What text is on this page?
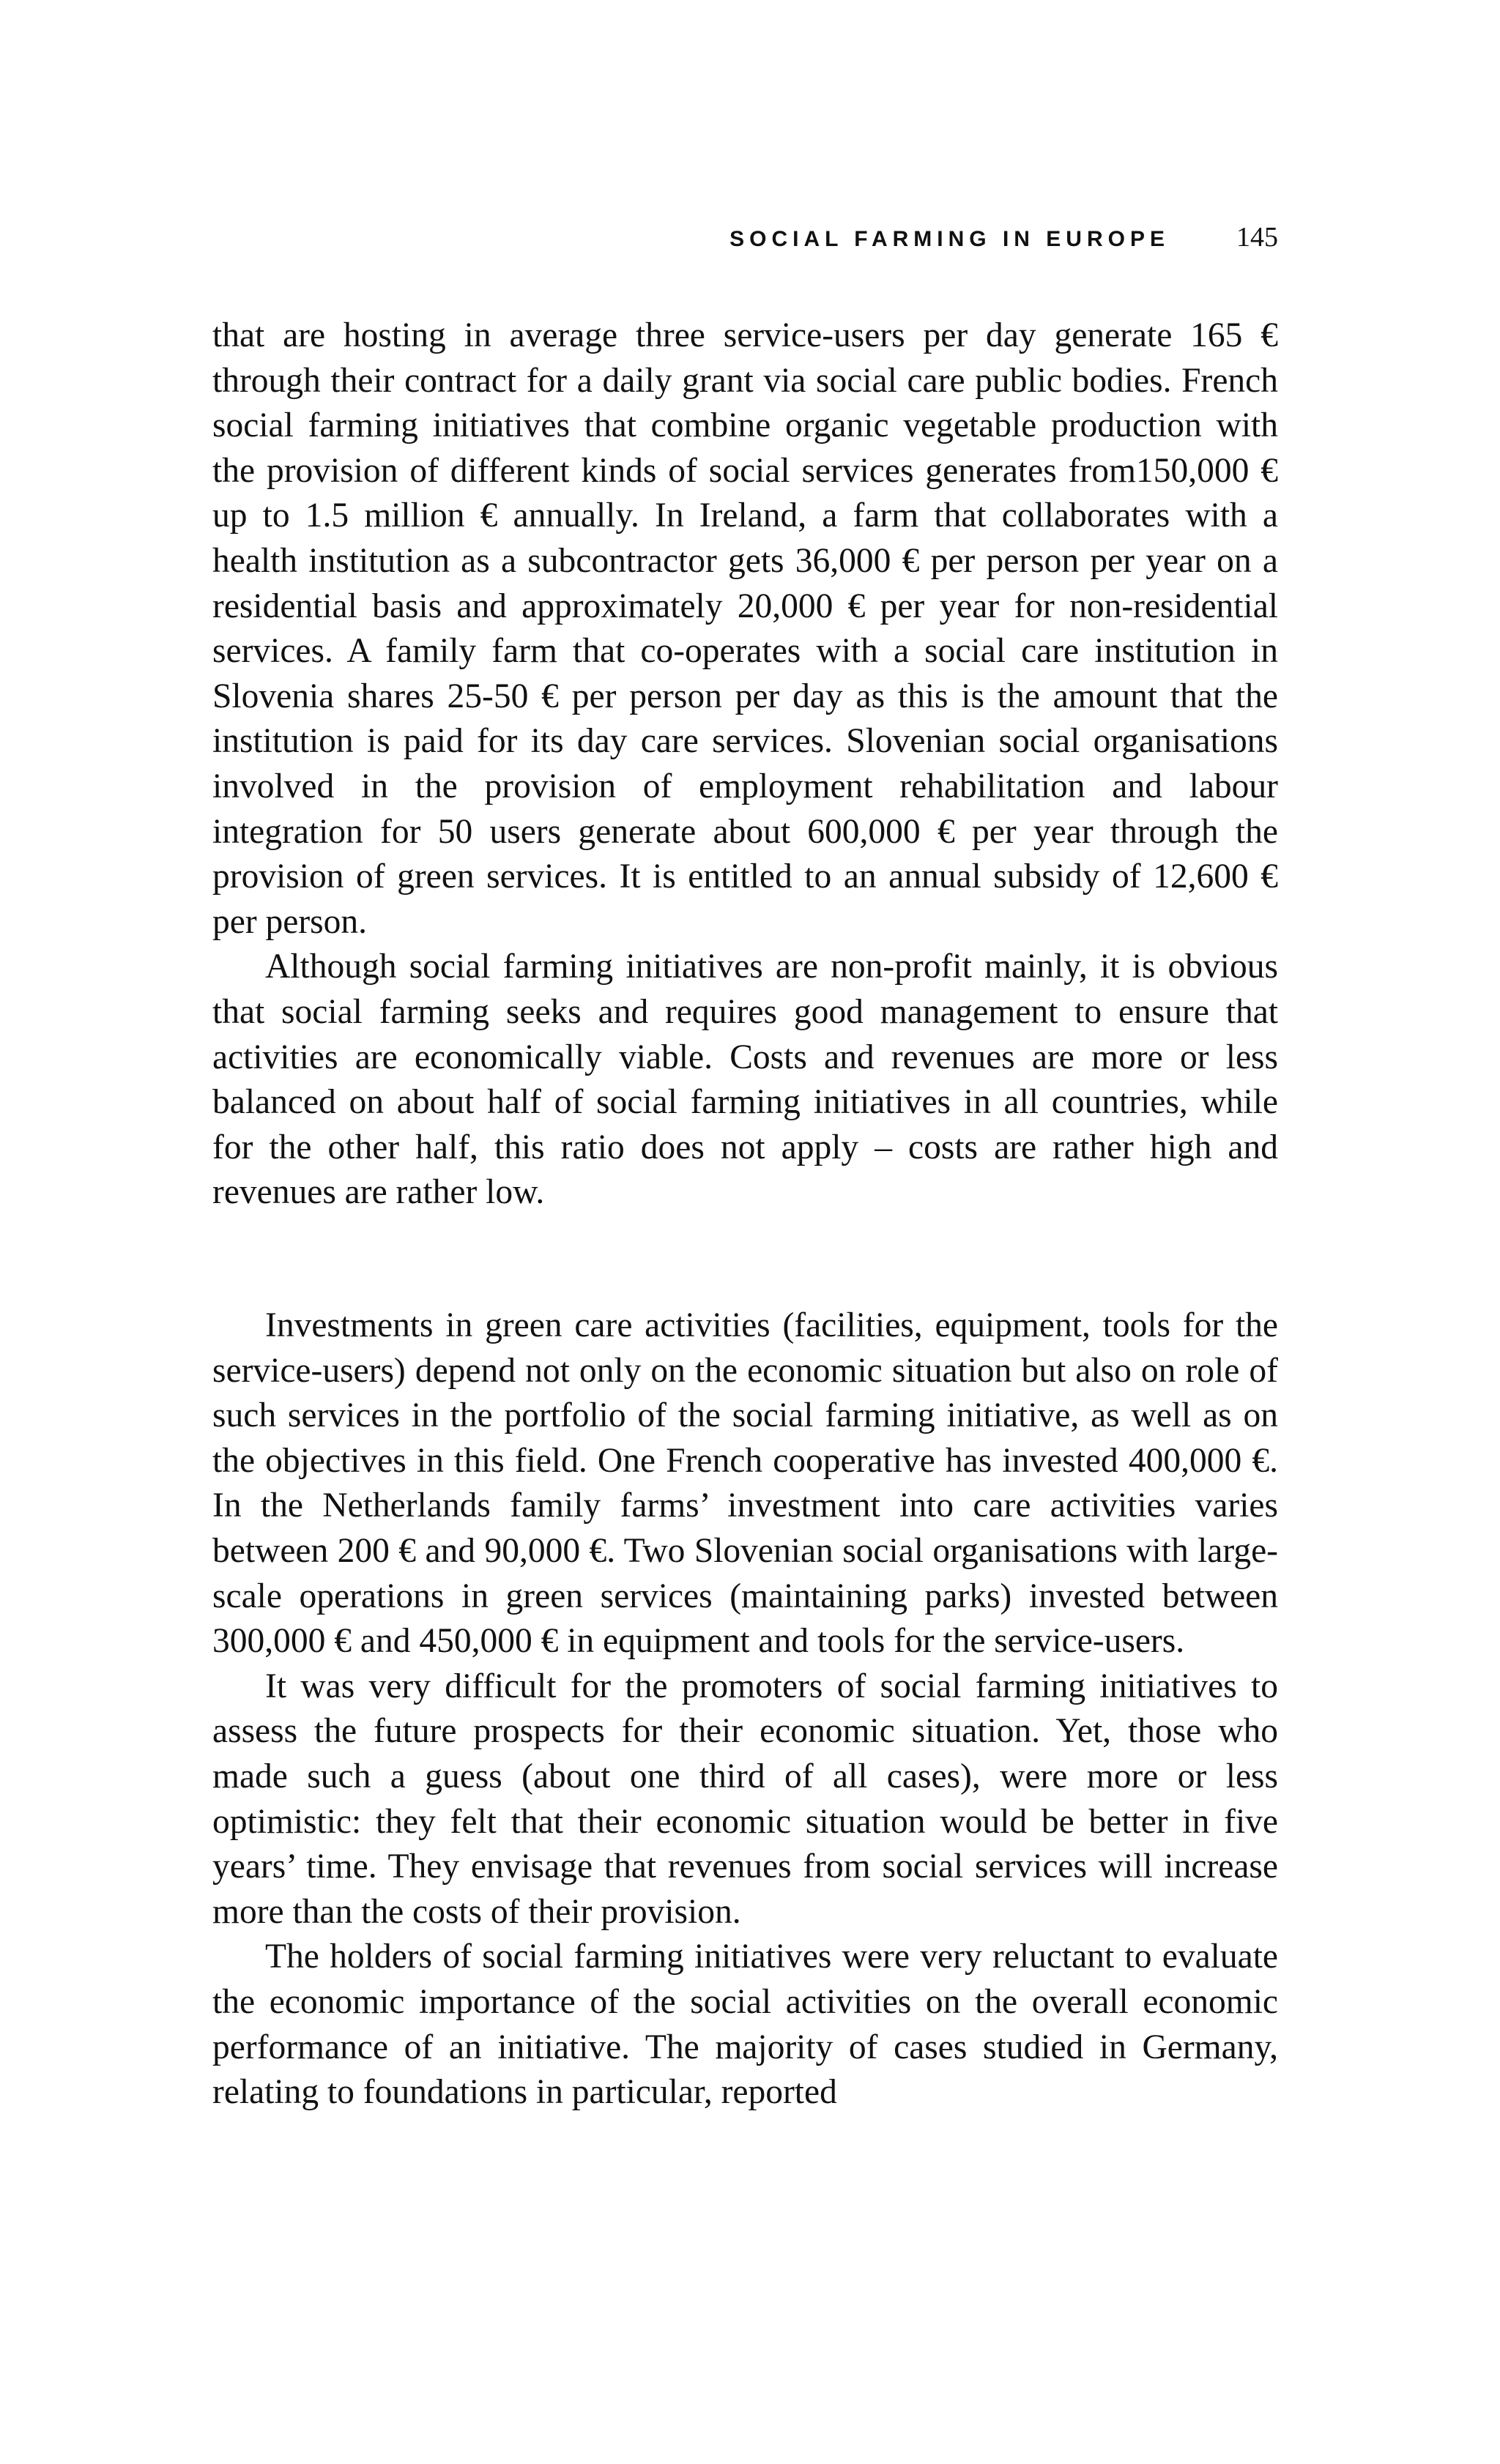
SOCIAL FARMING IN EUROPE 145

that are hosting in average three service-users per day generate 165 € through their contract for a daily grant via social care public bodies. French social farming initiatives that combine organic vegetable production with the provision of different kinds of social services generates from150,000 € up to 1.5 million € annually. In Ireland, a farm that collaborates with a health institution as a subcontractor gets 36,000 € per person per year on a residential basis and approximately 20,000 € per year for non-residential services. A family farm that co-operates with a social care institution in Slovenia shares 25-50 € per person per day as this is the amount that the institution is paid for its day care services. Slovenian social organisations involved in the provision of employment rehabilitation and labour integration for 50 users generate about 600,000 € per year through the provision of green services. It is entitled to an annual subsidy of 12,600 € per person.

Although social farming initiatives are non-profit mainly, it is obvious that social farming seeks and requires good management to ensure that activities are economically viable. Costs and revenues are more or less balanced on about half of social farming initiatives in all countries, while for the other half, this ratio does not apply – costs are rather high and revenues are rather low.

Investments in green care activities (facilities, equipment, tools for the service-users) depend not only on the economic situation but also on role of such services in the portfolio of the social farming initiative, as well as on the objectives in this field. One French cooperative has invested 400,000 €. In the Netherlands family farms’ investment into care activities varies between 200 € and 90,000 €. Two Slovenian social organisations with large-scale operations in green services (maintaining parks) invested between 300,000 € and 450,000 € in equipment and tools for the service-users.

It was very difficult for the promoters of social farming initiatives to assess the future prospects for their economic situation. Yet, those who made such a guess (about one third of all cases), were more or less optimistic: they felt that their economic situation would be better in five years’ time. They envisage that revenues from social services will increase more than the costs of their provision.

The holders of social farming initiatives were very reluctant to evaluate the economic importance of the social activities on the overall economic performance of an initiative. The majority of cases studied in Germany, relating to foundations in particular, reported
